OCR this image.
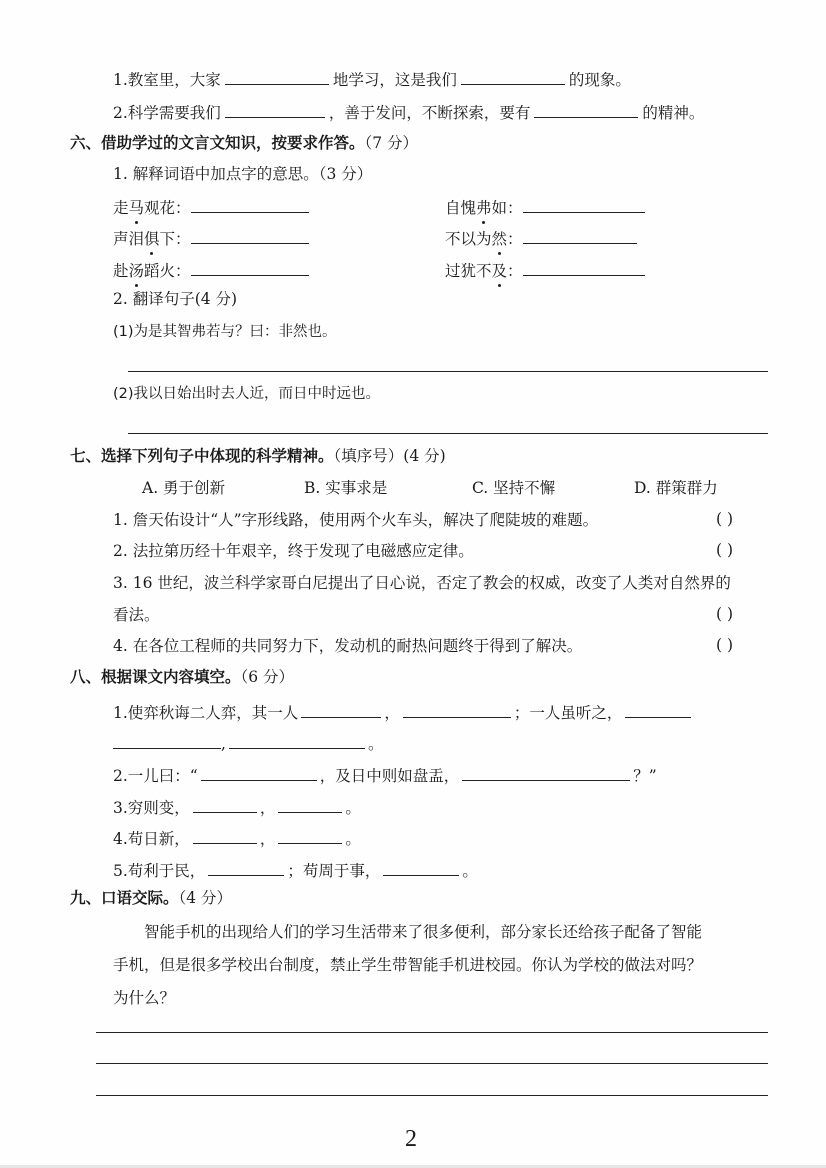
1.教室里，大家	地学习，这是我们	的现象。
2.科学需要我们	，善于发问，不断探索，要有	的精神。
六、借助学过的文言文知识，按要求作答。（7 分）
1. 解释词语中加点字的意思。（3 分）
走马观花：	自愧弗如：
声泪俱下：	不以为然：
赴汤蹈火：	过犹不及：
2. 翻译句子(4 分)
(1)为是其智弗若与？曰：非然也。
(2)我以日始出时去人近，而日中时远也。
七、选择下列句子中体现的科学精神。（填序号）(4 分)
A. 勇于创新	B. 实事求是	C. 坚持不懈	D. 群策群力
1. 詹天佑设计“人”字形线路，使用两个火车头，解决了爬陡坡的难题。	( )
2. 法拉第历经十年艰辛，终于发现了电磁感应定律。	( )
3. 16 世纪，波兰科学家哥白尼提出了日心说，否定了教会的权威，改变了人类对自然界的
看法。	( )
4. 在各位工程师的共同努力下，发动机的耐热问题终于得到了解决。	( )
八、根据课文内容填空。（6 分）
1.使弈秋诲二人弈，其一人	，	；一人虽听之，
,	。
2.一儿曰：“	，及日中则如盘盂，	？”
3.穷则变，	，	。
4.苟日新，	，	。
5.苟利于民，	；苟周于事，	。
九、口语交际。（4 分）
智能手机的出现给人们的学习生活带来了很多便利，部分家长还给孩子配备了智能
手机，但是很多学校出台制度，禁止学生带智能手机进校园。你认为学校的做法对吗？
为什么？
2
